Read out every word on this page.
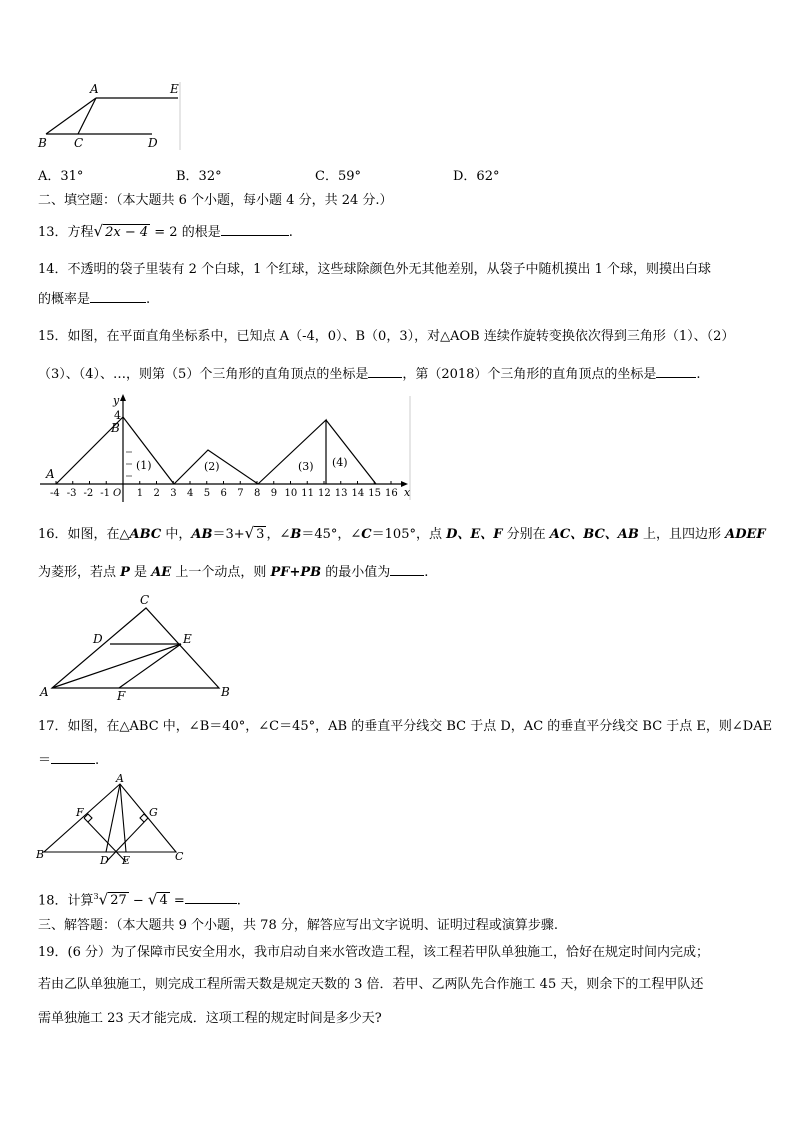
A	E
B C	D
A．31°	B．32°	C．59°	D．62°
二、填空题：（本大题共 6 个小题，每小题 4 分，共 24 分.）
13．方程√ 2x − 4 = 2 的根是	.
14．不透明的袋子里装有 2 个白球，1 个红球，这些球除颜色外无其他差别，从袋子中随机摸出 1 个球，则摸出白球
的概率是	.
15．如图，在平面直角坐标系中，已知点 A（-4，0）、B（0，3），对△AOB 连续作旋转变换依次得到三角形（1）、（2）
（3）、（4）、…，则第（5）个三角形的直角顶点的坐标是	，第（2018）个三角形的直角顶点的坐标是	.
x
y
4
A
B
(1)	(2)	(3) (4)
-4 -3 -2 -1 O 1 2 3 4 5 6 7 8 9 10 11 12 13 14 15 16
16．如图，在△ABC 中，AB＝3+√ 3 ，∠B＝45°，∠C＝105°，点 D、E、F 分别在 AC、BC、AB 上，且四边形 ADEF
为菱形，若点 P 是 AE 上一个动点，则 PF+PB 的最小值为	.
C
D	E
A	F	B
17．如图，在△ABC 中，∠B＝40°，∠C＝45°，AB 的垂直平分线交 BC 于点 D，AC 的垂直平分线交 BC 于点 E，则∠DAE
＝	.
A
F	G
B	D E	C
18．计算$^3$√ 27 − √ 4 =	.
三、解答题：（本大题共 9 个小题，共 78 分，解答应写出文字说明、证明过程或演算步骤.
19．(6 分）为了保障市民安全用水，我市启动自来水管改造工程，该工程若甲队单独施工，恰好在规定时间内完成；
若由乙队单独施工，则完成工程所需天数是规定天数的 3 倍．若甲、乙两队先合作施工 45 天，则余下的工程甲队还
需单独施工 23 天才能完成．这项工程的规定时间是多少天?
